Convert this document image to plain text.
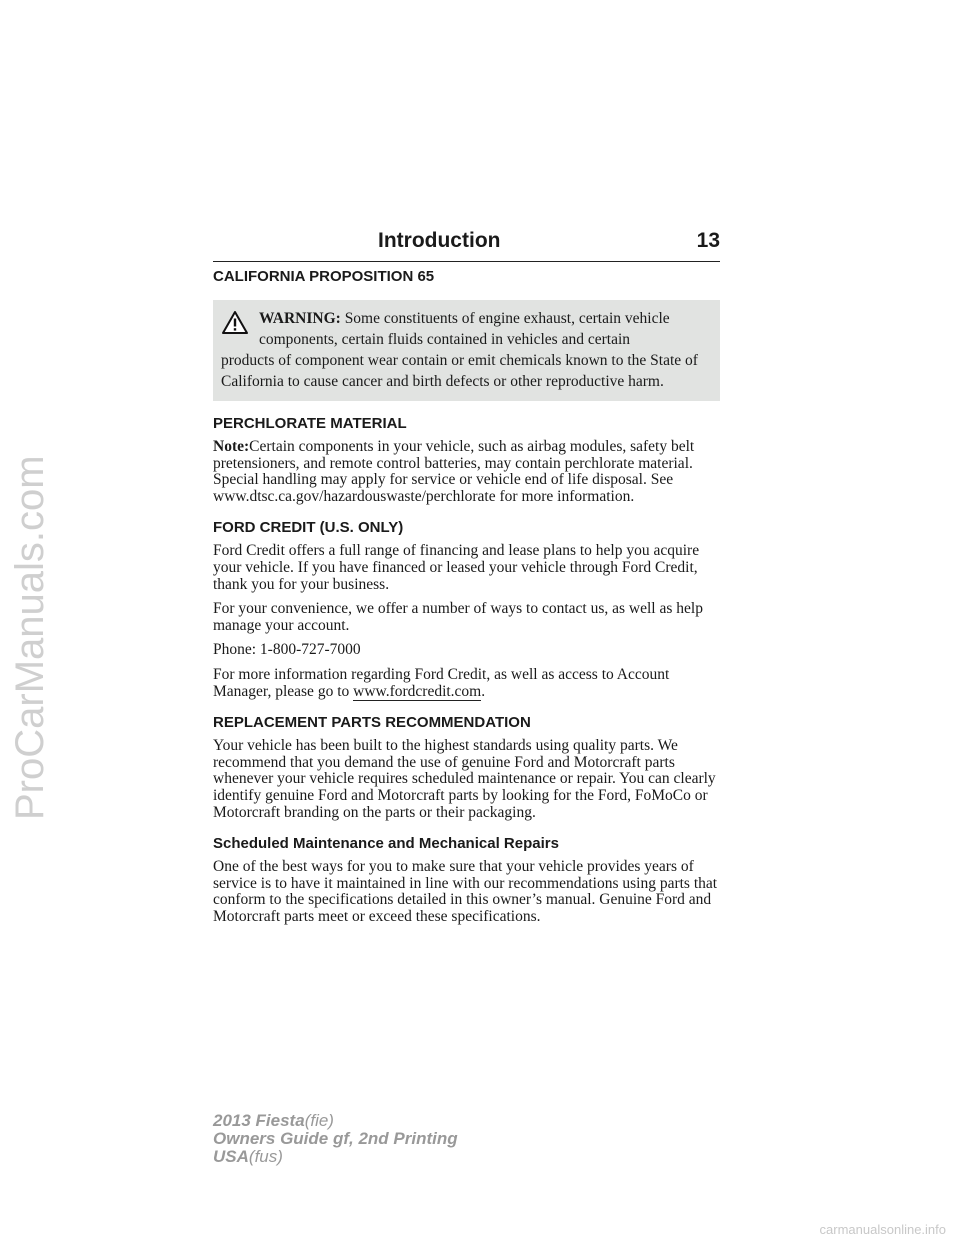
ProCarManuals.com
Introduction	13
CALIFORNIA PROPOSITION 65
WARNING: Some constituents of engine exhaust, certain vehicle
components, certain fluids contained in vehicles and certain
products of component wear contain or emit chemicals known to the State of California to cause cancer and birth defects or other reproductive harm.
PERCHLORATE MATERIAL

Note:Certain components in your vehicle, such as airbag modules, safety belt pretensioners, and remote control batteries, may contain perchlorate material. Special handling may apply for service or vehicle end of life disposal. See www.dtsc.ca.gov/hazardouswaste/perchlorate for more information.

FORD CREDIT (U.S. ONLY)

Ford Credit offers a full range of financing and lease plans to help you acquire your vehicle. If you have financed or leased your vehicle through Ford Credit, thank you for your business.

For your convenience, we offer a number of ways to contact us, as well as help manage your account.

Phone: 1-800-727-7000

For more information regarding Ford Credit, as well as access to Account Manager, please go to www.fordcredit.com.

REPLACEMENT PARTS RECOMMENDATION

Your vehicle has been built to the highest standards using quality parts. We recommend that you demand the use of genuine Ford and Motorcraft parts whenever your vehicle requires scheduled maintenance or repair. You can clearly identify genuine Ford and Motorcraft parts by looking for the Ford, FoMoCo or Motorcraft branding on the parts or their packaging.

Scheduled Maintenance and Mechanical Repairs

One of the best ways for you to make sure that your vehicle provides years of service is to have it maintained in line with our recommendations using parts that conform to the specifications detailed in this owner’s manual. Genuine Ford and Motorcraft parts meet or exceed these specifications.

2013 Fiesta(fie)
Owners Guide gf, 2nd Printing
USA(fus)
carmanualsonline.info
